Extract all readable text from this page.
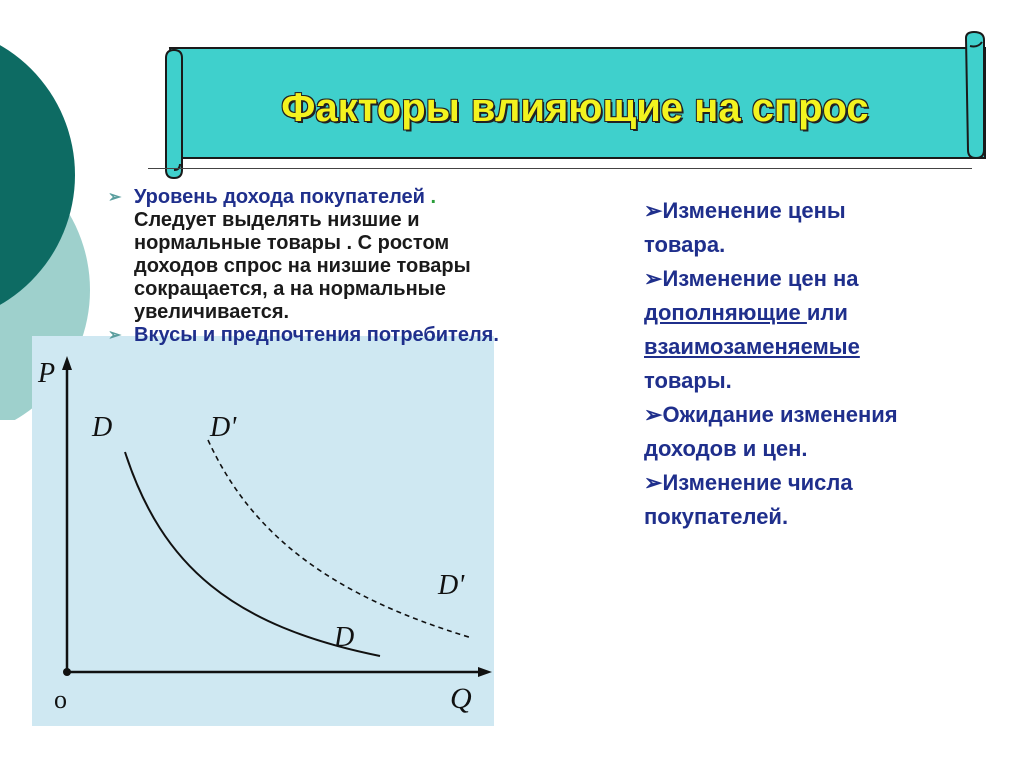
Факторы влияющие на спрос
➢ Уровень дохода покупателей .
Следует выделять низшие и
нормальные товары . С ростом
доходов спрос на низшие товары
сокращается, а на нормальные
увеличивается.
➢ Вкусы и предпочтения потребителя.
➢Изменение цены
товара.
➢Изменение цен на
дополняющие или
взаимозаменяемые
товары.
➢Ожидание изменения
доходов и цен.
➢Изменение числа
покупателей.
P
Q
o
D
D
D'
D'
